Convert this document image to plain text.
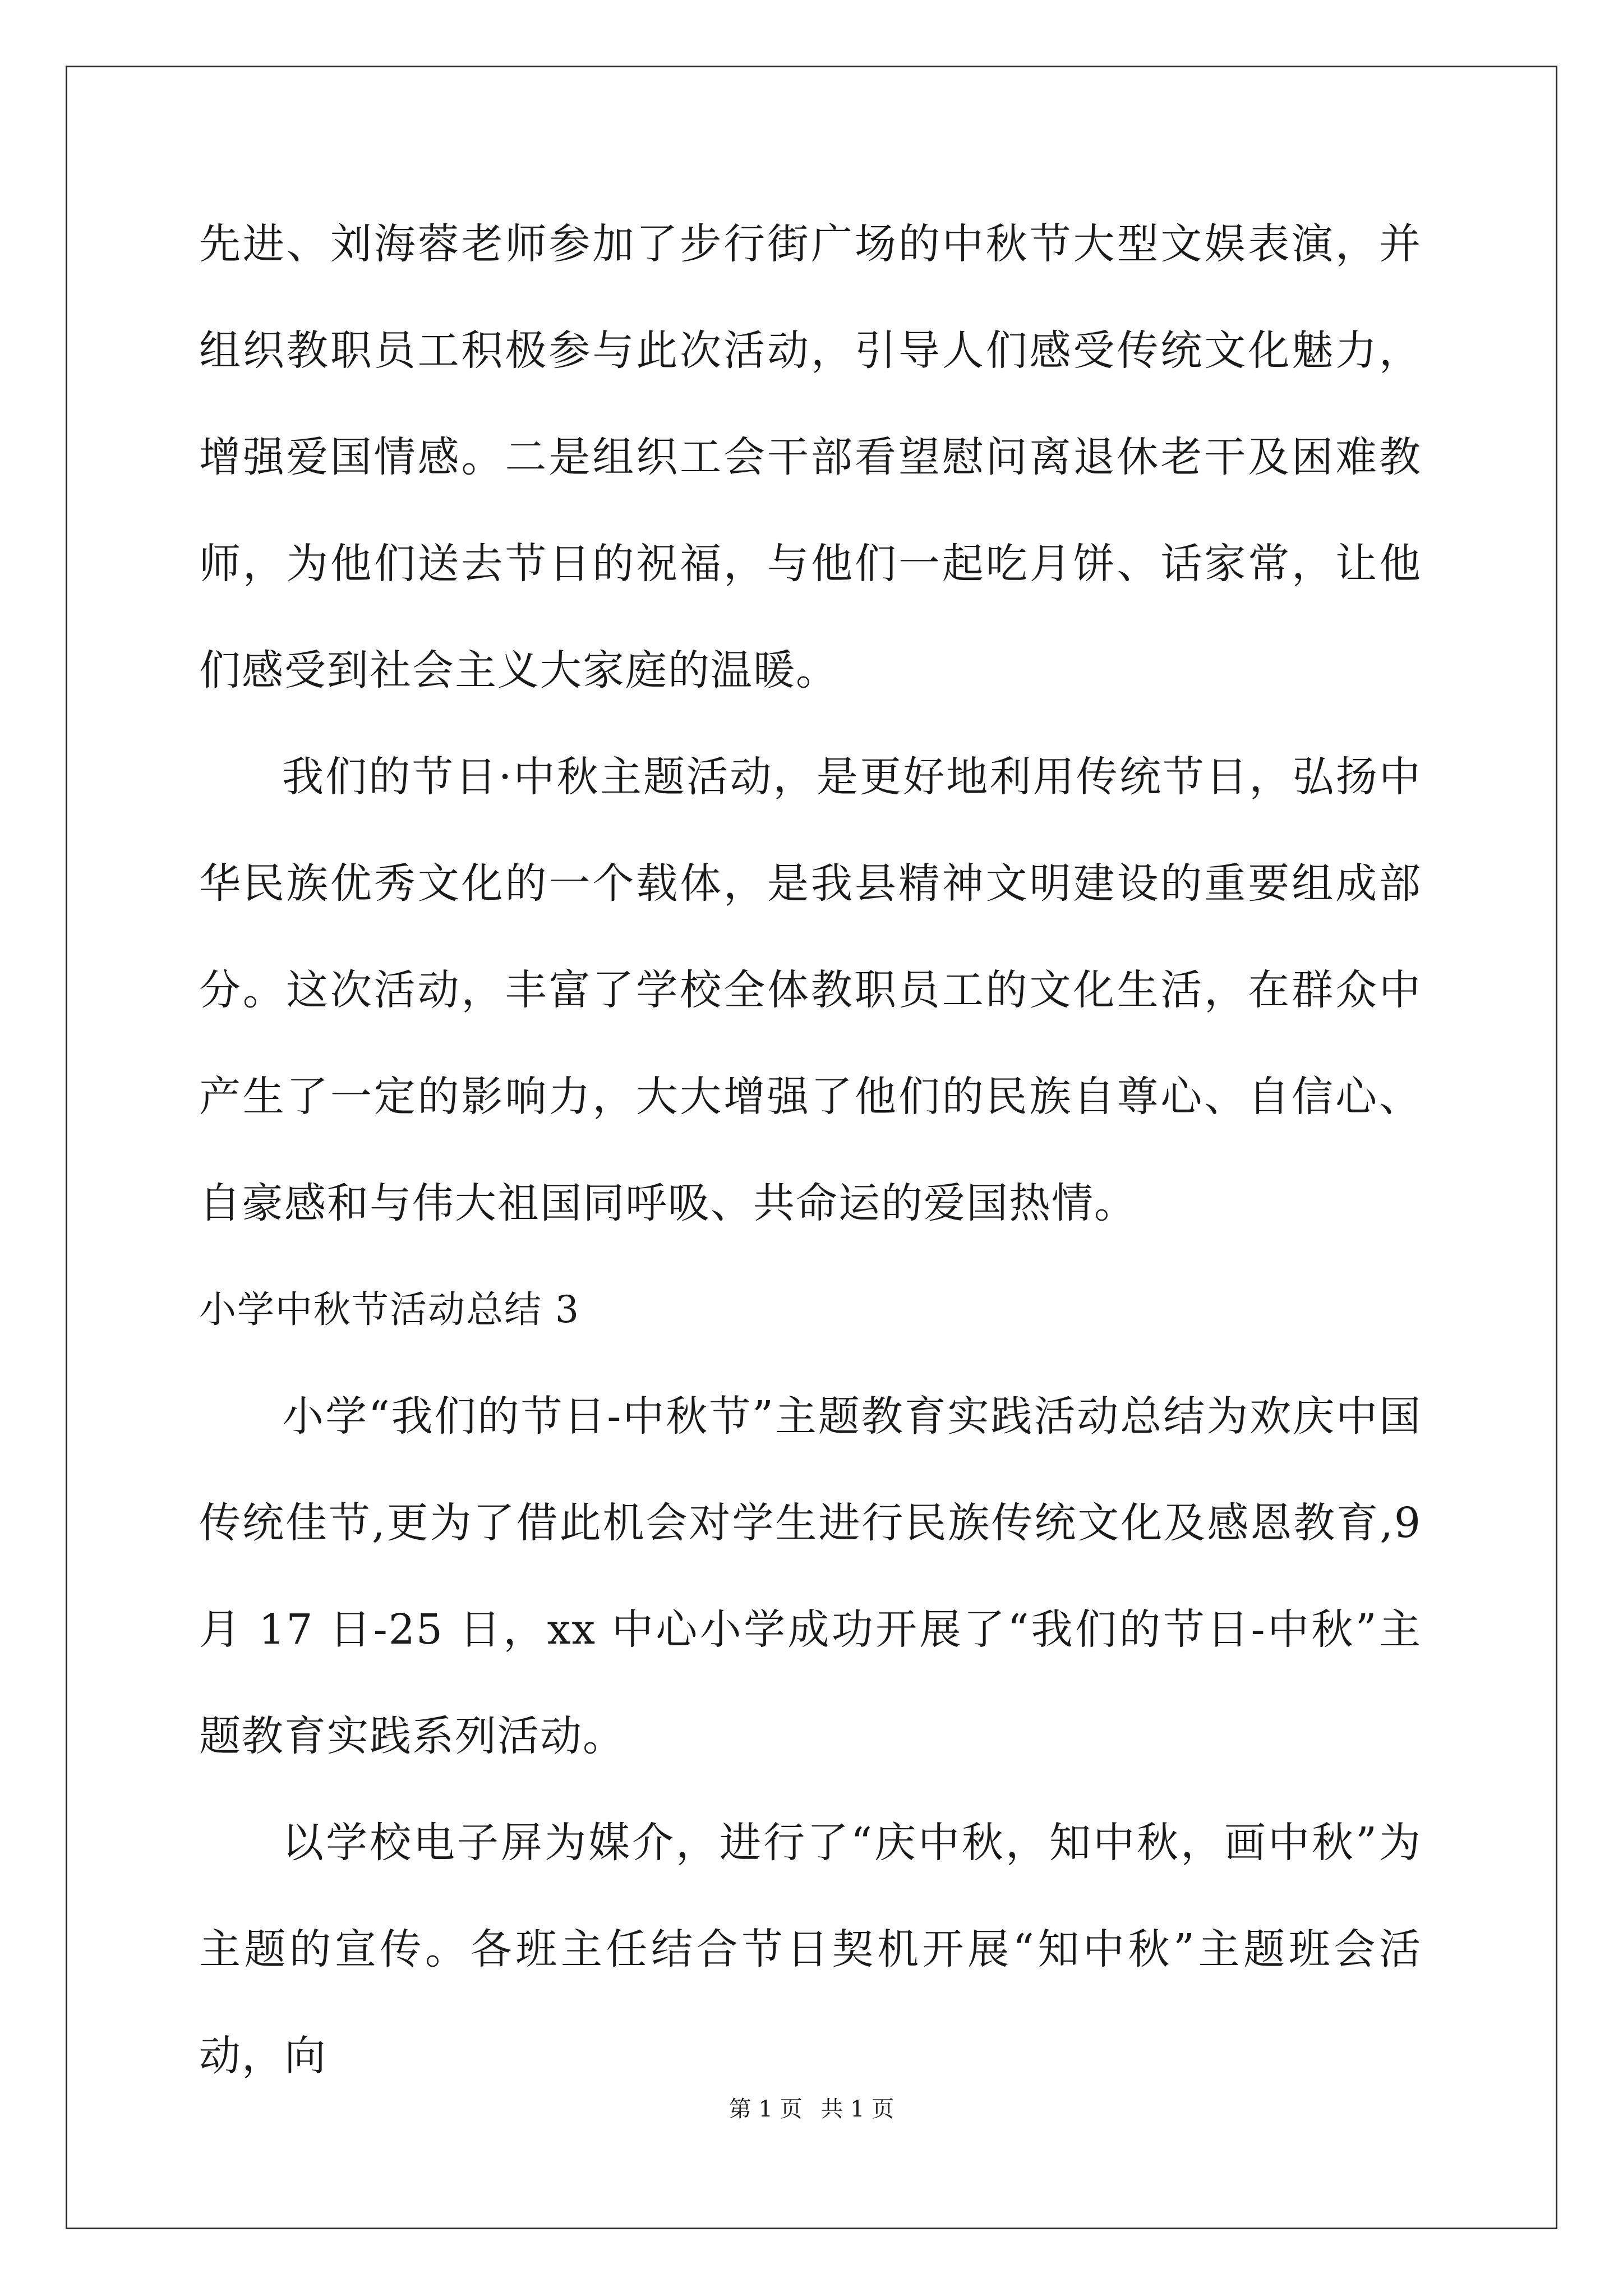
先进、刘海蓉老师参加了步行街广场的中秋节大型文娱表演，并组织教职员工积极参与此次活动，引导人们感受传统文化魅力，增强爱国情感。二是组织工会干部看望慰问离退休老干及困难教师，为他们送去节日的祝福，与他们一起吃月饼、话家常，让他们感受到社会主义大家庭的温暖。

我们的节日·中秋主题活动，是更好地利用传统节日，弘扬中华民族优秀文化的一个载体，是我县精神文明建设的重要组成部分。这次活动，丰富了学校全体教职员工的文化生活，在群众中产生了一定的影响力，大大增强了他们的民族自尊心、自信心、自豪感和与伟大祖国同呼吸、共命运的爱国热情。

小学中秋节活动总结 3

小学“我们的节日-中秋节”主题教育实践活动总结为欢庆中国传统佳节,更为了借此机会对学生进行民族传统文化及感恩教育,9 月 17 日-25 日，xx 中心小学成功开展了“我们的节日-中秋”主题教育实践系列活动。

以学校电子屏为媒介，进行了“庆中秋，知中秋，画中秋”为主题的宣传。各班主任结合节日契机开展“知中秋”主题班会活动，向

第 1 页 共 1 页
